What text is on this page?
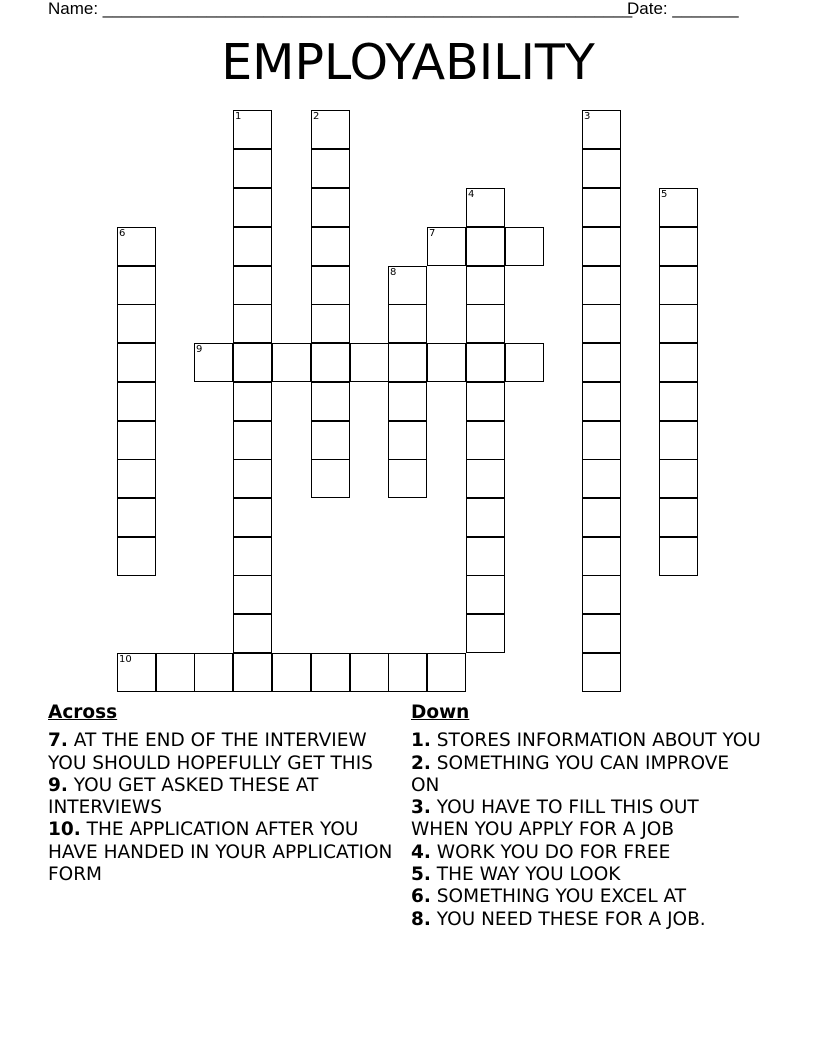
Name: ________________________________________________________
Date: _______
EMPLOYABILITY
1	2	3
4	5
6	7
8
9
10
Across
7. AT THE END OF THE INTERVIEW YOU SHOULD HOPEFULLY GET THIS
9. YOU GET ASKED THESE AT INTERVIEWS
10. THE APPLICATION AFTER YOU HAVE HANDED IN YOUR APPLICATION FORM
Down
1. STORES INFORMATION ABOUT YOU
2. SOMETHING YOU CAN IMPROVE ON
3. YOU HAVE TO FILL THIS OUT WHEN YOU APPLY FOR A JOB
4. WORK YOU DO FOR FREE
5. THE WAY YOU LOOK
6. SOMETHING YOU EXCEL AT
8. YOU NEED THESE FOR A JOB.
